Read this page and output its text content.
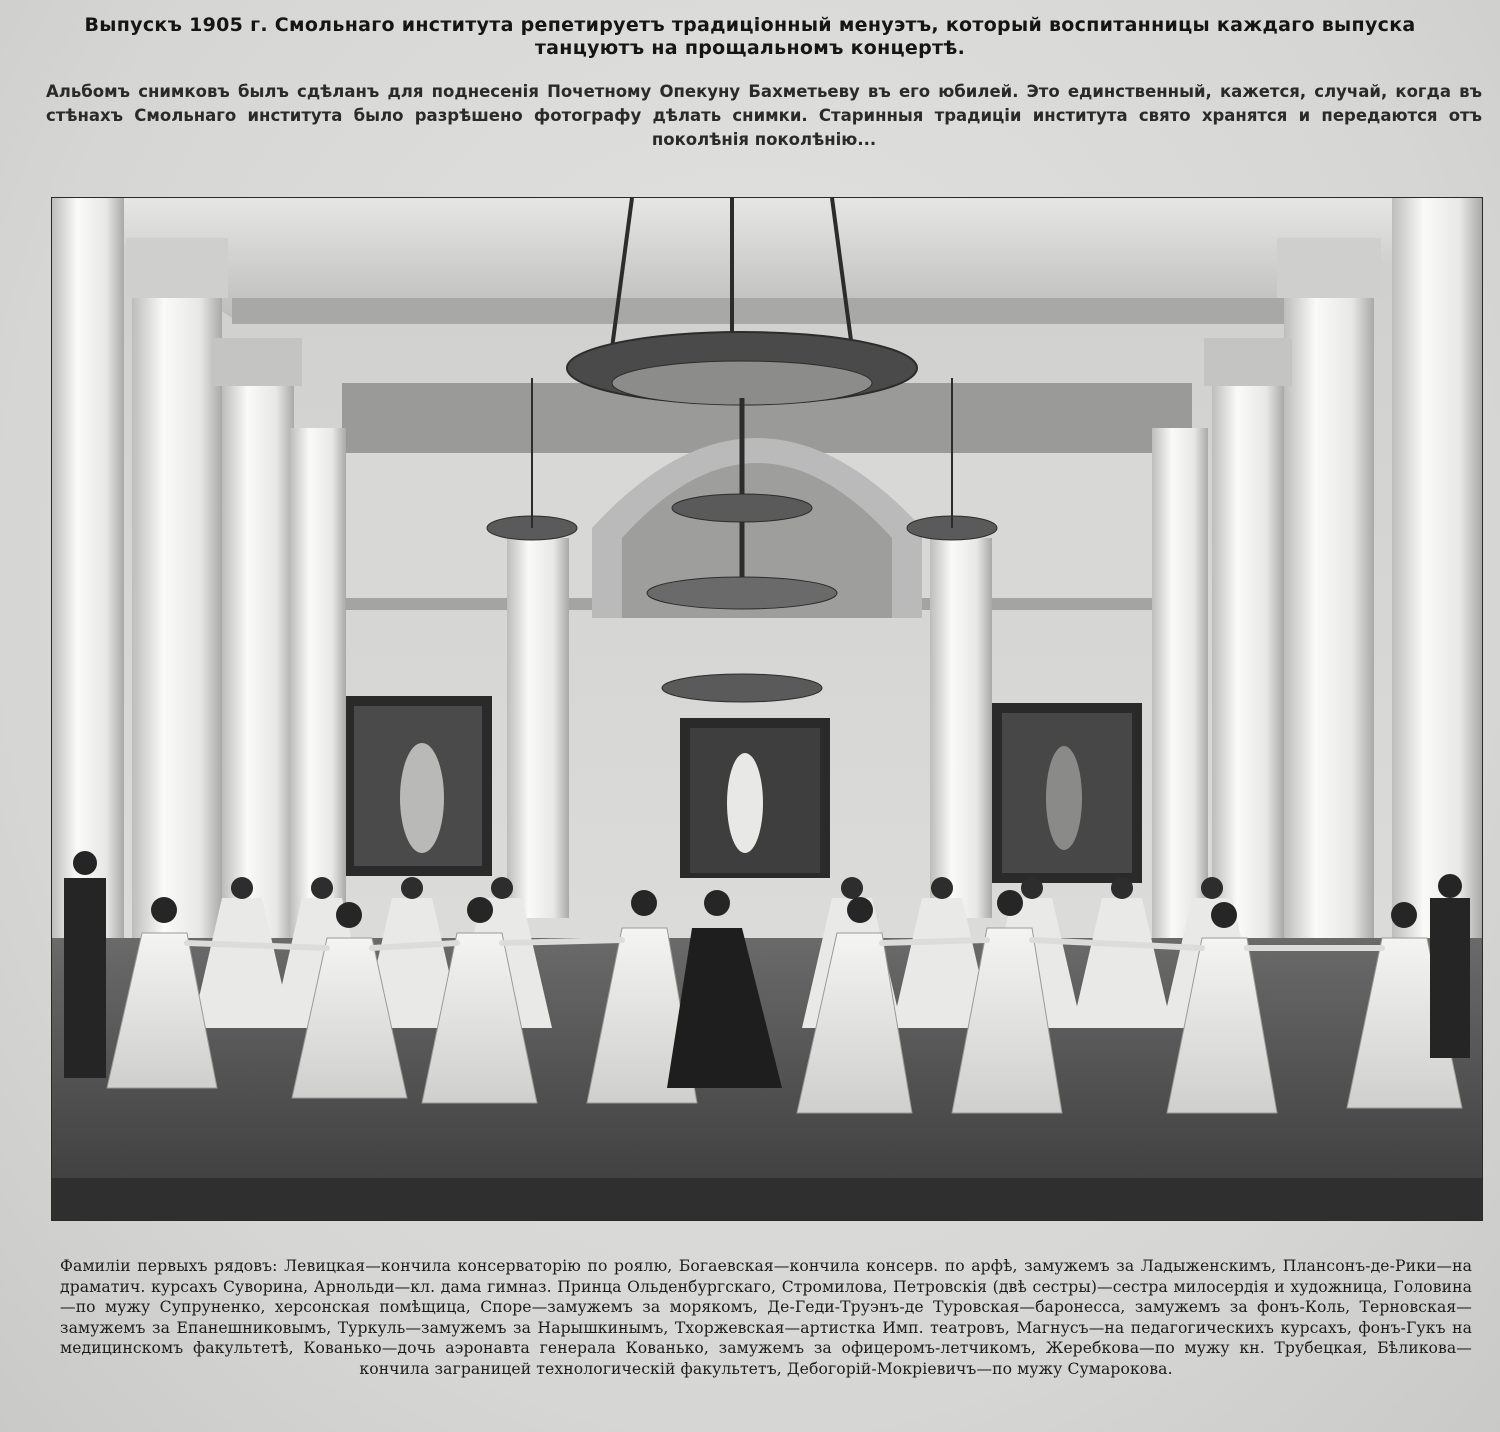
Выпускъ 1905 г. Смольнаго института репетируетъ традицiонный менуэтъ, который воспитанницы каждаго выпуска танцуютъ на прощальномъ концертѣ.
Альбомъ снимковъ былъ сдѣланъ для поднесенiя Почетному Опекуну Бахметьеву въ его юбилей. Это единственный, кажется, случай, когда въ стѣнахъ Смольнаго института было разрѣшено фотографу дѣлать снимки. Старинныя традицiи института свято хранятся и передаются отъ поколѣнiя поколѣнiю...
Фамилiи первыхъ рядовъ: Левицкая—кончила консерваторiю по роялю, Богаевская—кончила консерв. по арфѣ, замужемъ за Ладыженскимъ, Плансонъ-де-Рики—на драматич. курсахъ Суворина, Арнольди—кл. дама гимназ. Принца Ольденбургскаго, Стромилова, Петровскiя (двѣ сестры)—сестра милосердiя и художница, Головина—по мужу Супруненко, херсонская помѣщица, Споре—замужемъ за морякомъ, Де-Геди-Труэнъ-де Туровская—баронесса, замужемъ за фонъ-Коль, Терновская—замужемъ за Епанешниковымъ, Туркуль—замужемъ за Нарышкинымъ, Тхоржевская—артистка Имп. театровъ, Магнусъ—на педагогическихъ курсахъ, фонъ-Гукъ на медицинскомъ факультетѣ, Кованько—дочь аэронавта генерала Кованько, замужемъ за офицеромъ-летчикомъ, Жеребкова—по мужу кн. Трубецкая, Бѣликова—кончила заграницей технологическiй факультетъ, Дебогорiй-Мокрiевичъ—по мужу Сумарокова.
